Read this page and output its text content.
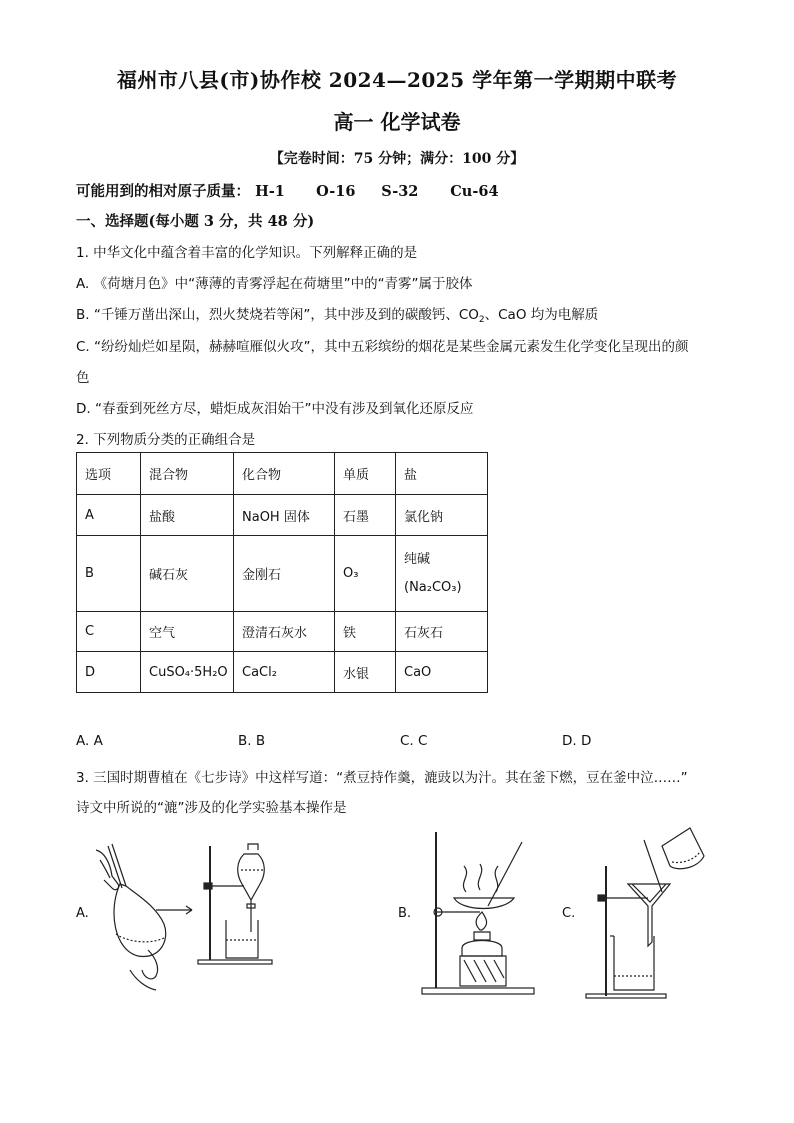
福州市八县(市)协作校 2024—2025 学年第一学期期中联考
高一 化学试卷
【完卷时间：75 分钟；满分：100 分】
可能用到的相对原子质量： H-1 O-16 S-32 Cu-64
一、选择题(每小题 3 分，共 48 分)
1. 中华文化中蕴含着丰富的化学知识。下列解释正确的是
A. 《荷塘月色》中“薄薄的青雾浮起在荷塘里”中的“青雾”属于胶体
B. “千锤万凿出深山，烈火焚烧若等闲”，其中涉及到的碳酸钙、$CO_2$、CaO 均为电解质
C. “纷纷灿烂如星陨，赫赫喧雁似火攻”，其中五彩缤纷的烟花是某些金属元素发生化学变化呈现出的颜
色
D. “春蚕到死丝方尽，蜡炬成灰泪始干”中没有涉及到氧化还原反应
2. 下列物质分类的正确组合是
选项	混合物	化合物	单质	盐
A	盐酸	NaOH 固体	石墨	氯化钠
B	碱石灰	金刚石	O₃	纯碱 (Na₂CO₃)
C	空气	澄清石灰水	铁	石灰石
D	CuSO₄·5H₂O	CaCl₂	水银	CaO
A. A	B. B	C. C	D. D
3. 三国时期曹植在《七步诗》中这样写道：“煮豆持作羹，漉豉以为汁。其在釜下燃，豆在釜中泣……”
诗文中所说的“漉”涉及的化学实验基本操作是
A.	B.	C.
